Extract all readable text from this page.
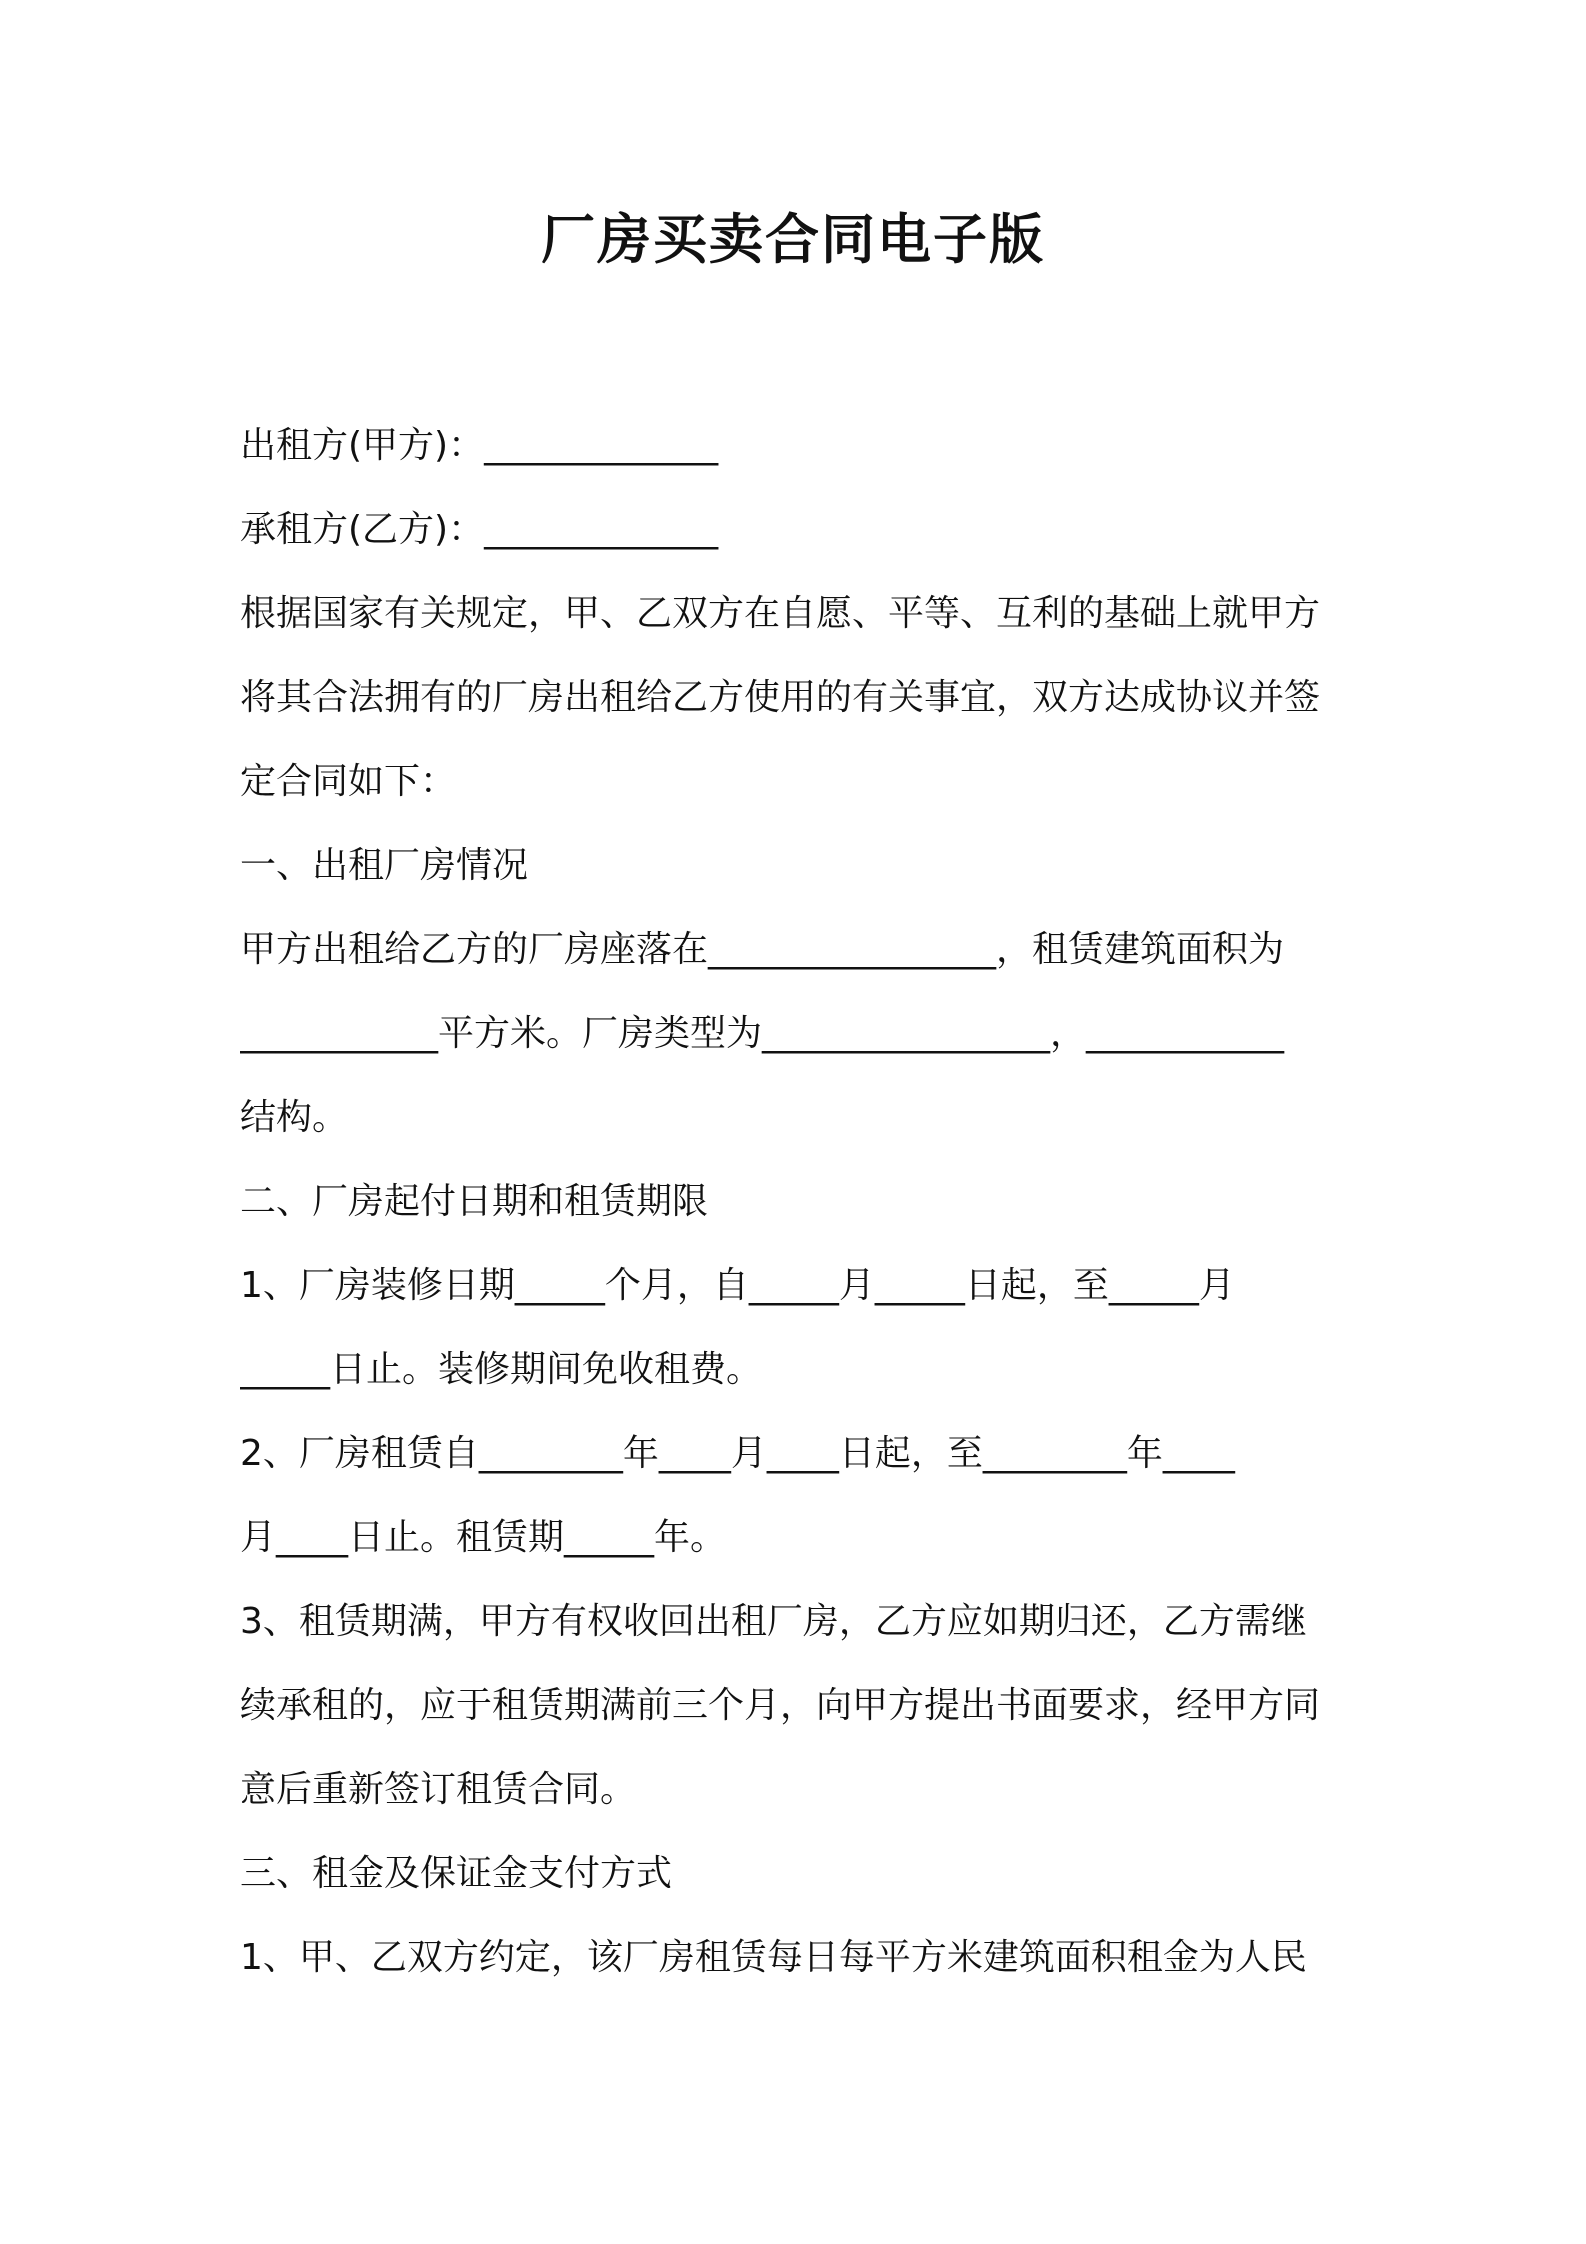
厂房买卖合同电子版
出租方(甲方)：_____________
承租方(乙方)：_____________
根据国家有关规定，甲、乙双方在自愿、平等、互利的基础上就甲方
将其合法拥有的厂房出租给乙方使用的有关事宜，双方达成协议并签
定合同如下：
一、出租厂房情况
甲方出租给乙方的厂房座落在________________，租赁建筑面积为
___________平方米。厂房类型为________________，___________
结构。
二、厂房起付日期和租赁期限
1、厂房装修日期_____个月，自_____月_____日起，至_____月
_____日止。装修期间免收租费。
2、厂房租赁自________年____月____日起，至________年____
月____日止。租赁期_____年。
3、租赁期满，甲方有权收回出租厂房，乙方应如期归还，乙方需继
续承租的，应于租赁期满前三个月，向甲方提出书面要求，经甲方同
意后重新签订租赁合同。
三、租金及保证金支付方式
1、甲、乙双方约定，该厂房租赁每日每平方米建筑面积租金为人民
